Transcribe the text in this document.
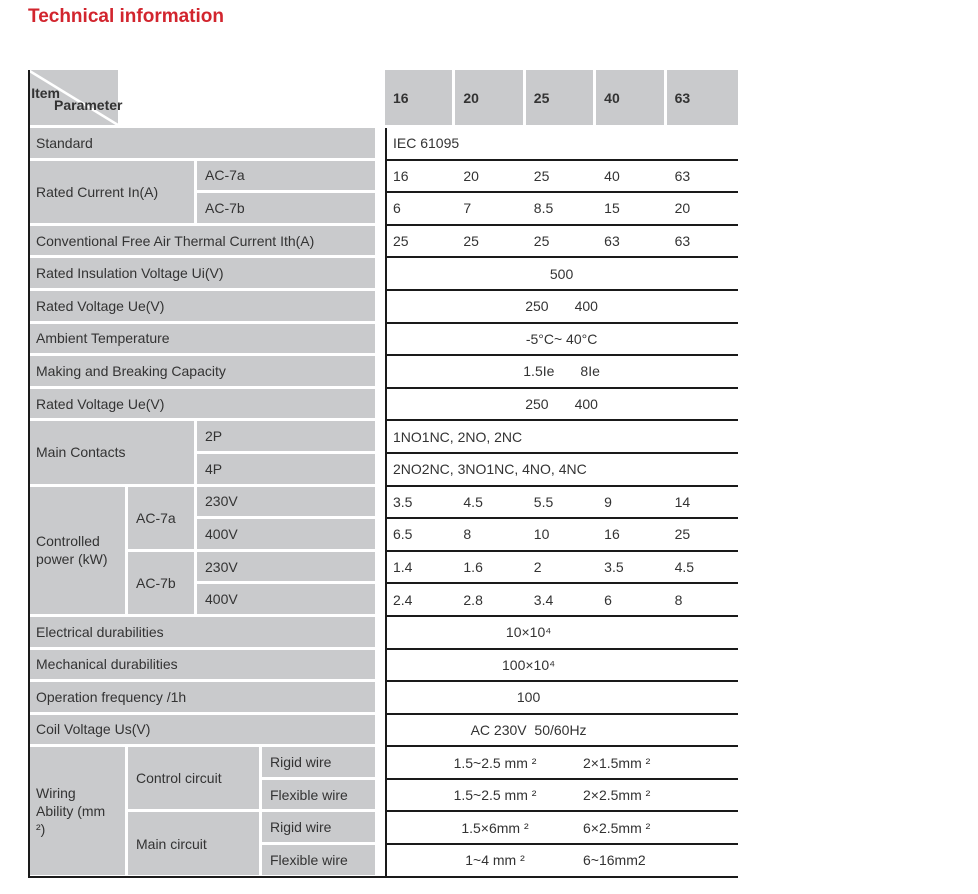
Technical information
Item
Parameter	16	20	25	40	63
Standard	IEC 61095
Rated Current In(A)
AC-7a	16	20	25	40	63
AC-7b	6	7	8.5	15	20
Conventional Free Air Thermal Current Ith(A)	25	25	25	63	63
Rated Insulation Voltage Ui(V)	500
Rated Voltage Ue(V)	250 400
Ambient Temperature	-5°C~ 40°C
Making and Breaking Capacity	1.5Ie 8Ie
Rated Voltage Ue(V)	250 400
Main Contacts
2P	1NO1NC, 2NO, 2NC
4P	2NO2NC, 3NO1NC, 4NO, 4NC
Controlled power (kW)
AC-7a
230V	3.5	4.5	5.5	9	14
400V	6.5	8	10	16	25
AC-7b
230V	1.4	1.6	2	3.5	4.5
400V	2.4	2.8	3.4	6	8
Electrical durabilities	10×10⁴
Mechanical durabilities	100×10⁴
Operation frequency /1h	100
Coil Voltage Us(V)	AC 230V  50/60Hz
Wiring Ability (mm ²)
Control circuit
Rigid wire	1.5~2.5 mm ²	2×1.5mm ²
Flexible wire	1.5~2.5 mm ²	2×2.5mm ²
Main circuit
Rigid wire	1.5×6mm ²	6×2.5mm ²
Flexible wire	1~4 mm ²	6~16mm2
